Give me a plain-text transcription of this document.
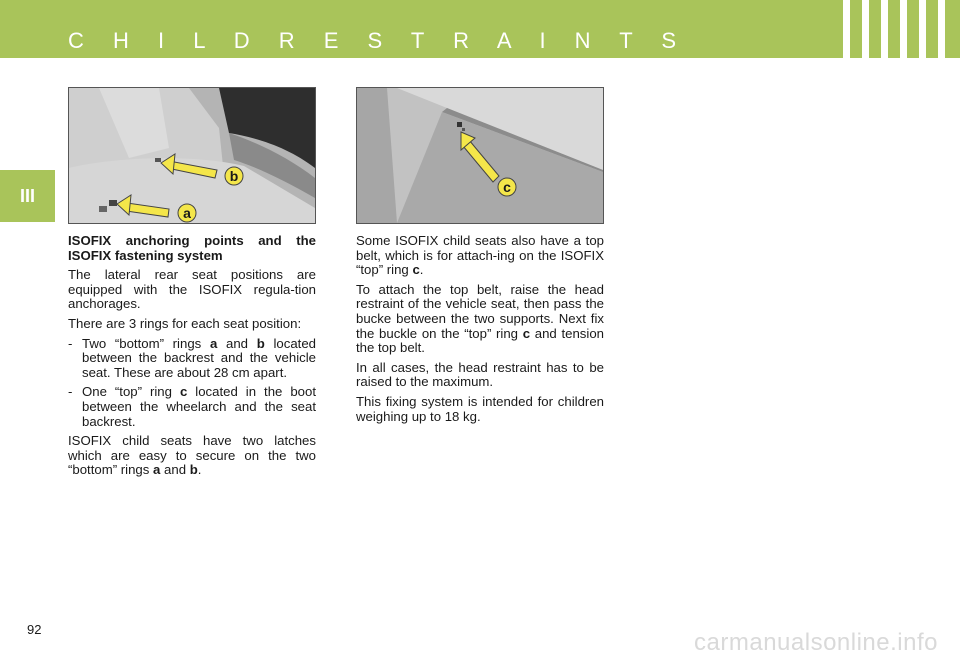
C H I L D R E S T R A I N T S
III
b
a
c

ISOFIX anchoring points and the ISOFIX fastening system

The lateral rear seat positions are equipped with the ISOFIX regula-tion anchorages.

There are 3 rings for each seat position:

- Two “bottom” rings a and b located between the backrest and the vehicle seat. These are about 28 cm apart.
- One “top” ring c located in the boot between the wheelarch and the seat backrest.

ISOFIX child seats have two latches which are easy to secure on the two “bottom” rings a and b.

Some ISOFIX child seats also have a top belt, which is for attach-ing on the ISOFIX “top” ring c.

To attach the top belt, raise the head restraint of the vehicle seat, then pass the bucke between the two supports. Next fix the buckle on the “top” ring c and tension the top belt.

In all cases, the head restraint has to be raised to the maximum.

This fixing system is intended for children weighing up to 18 kg.

92	carmanualsonline.info
